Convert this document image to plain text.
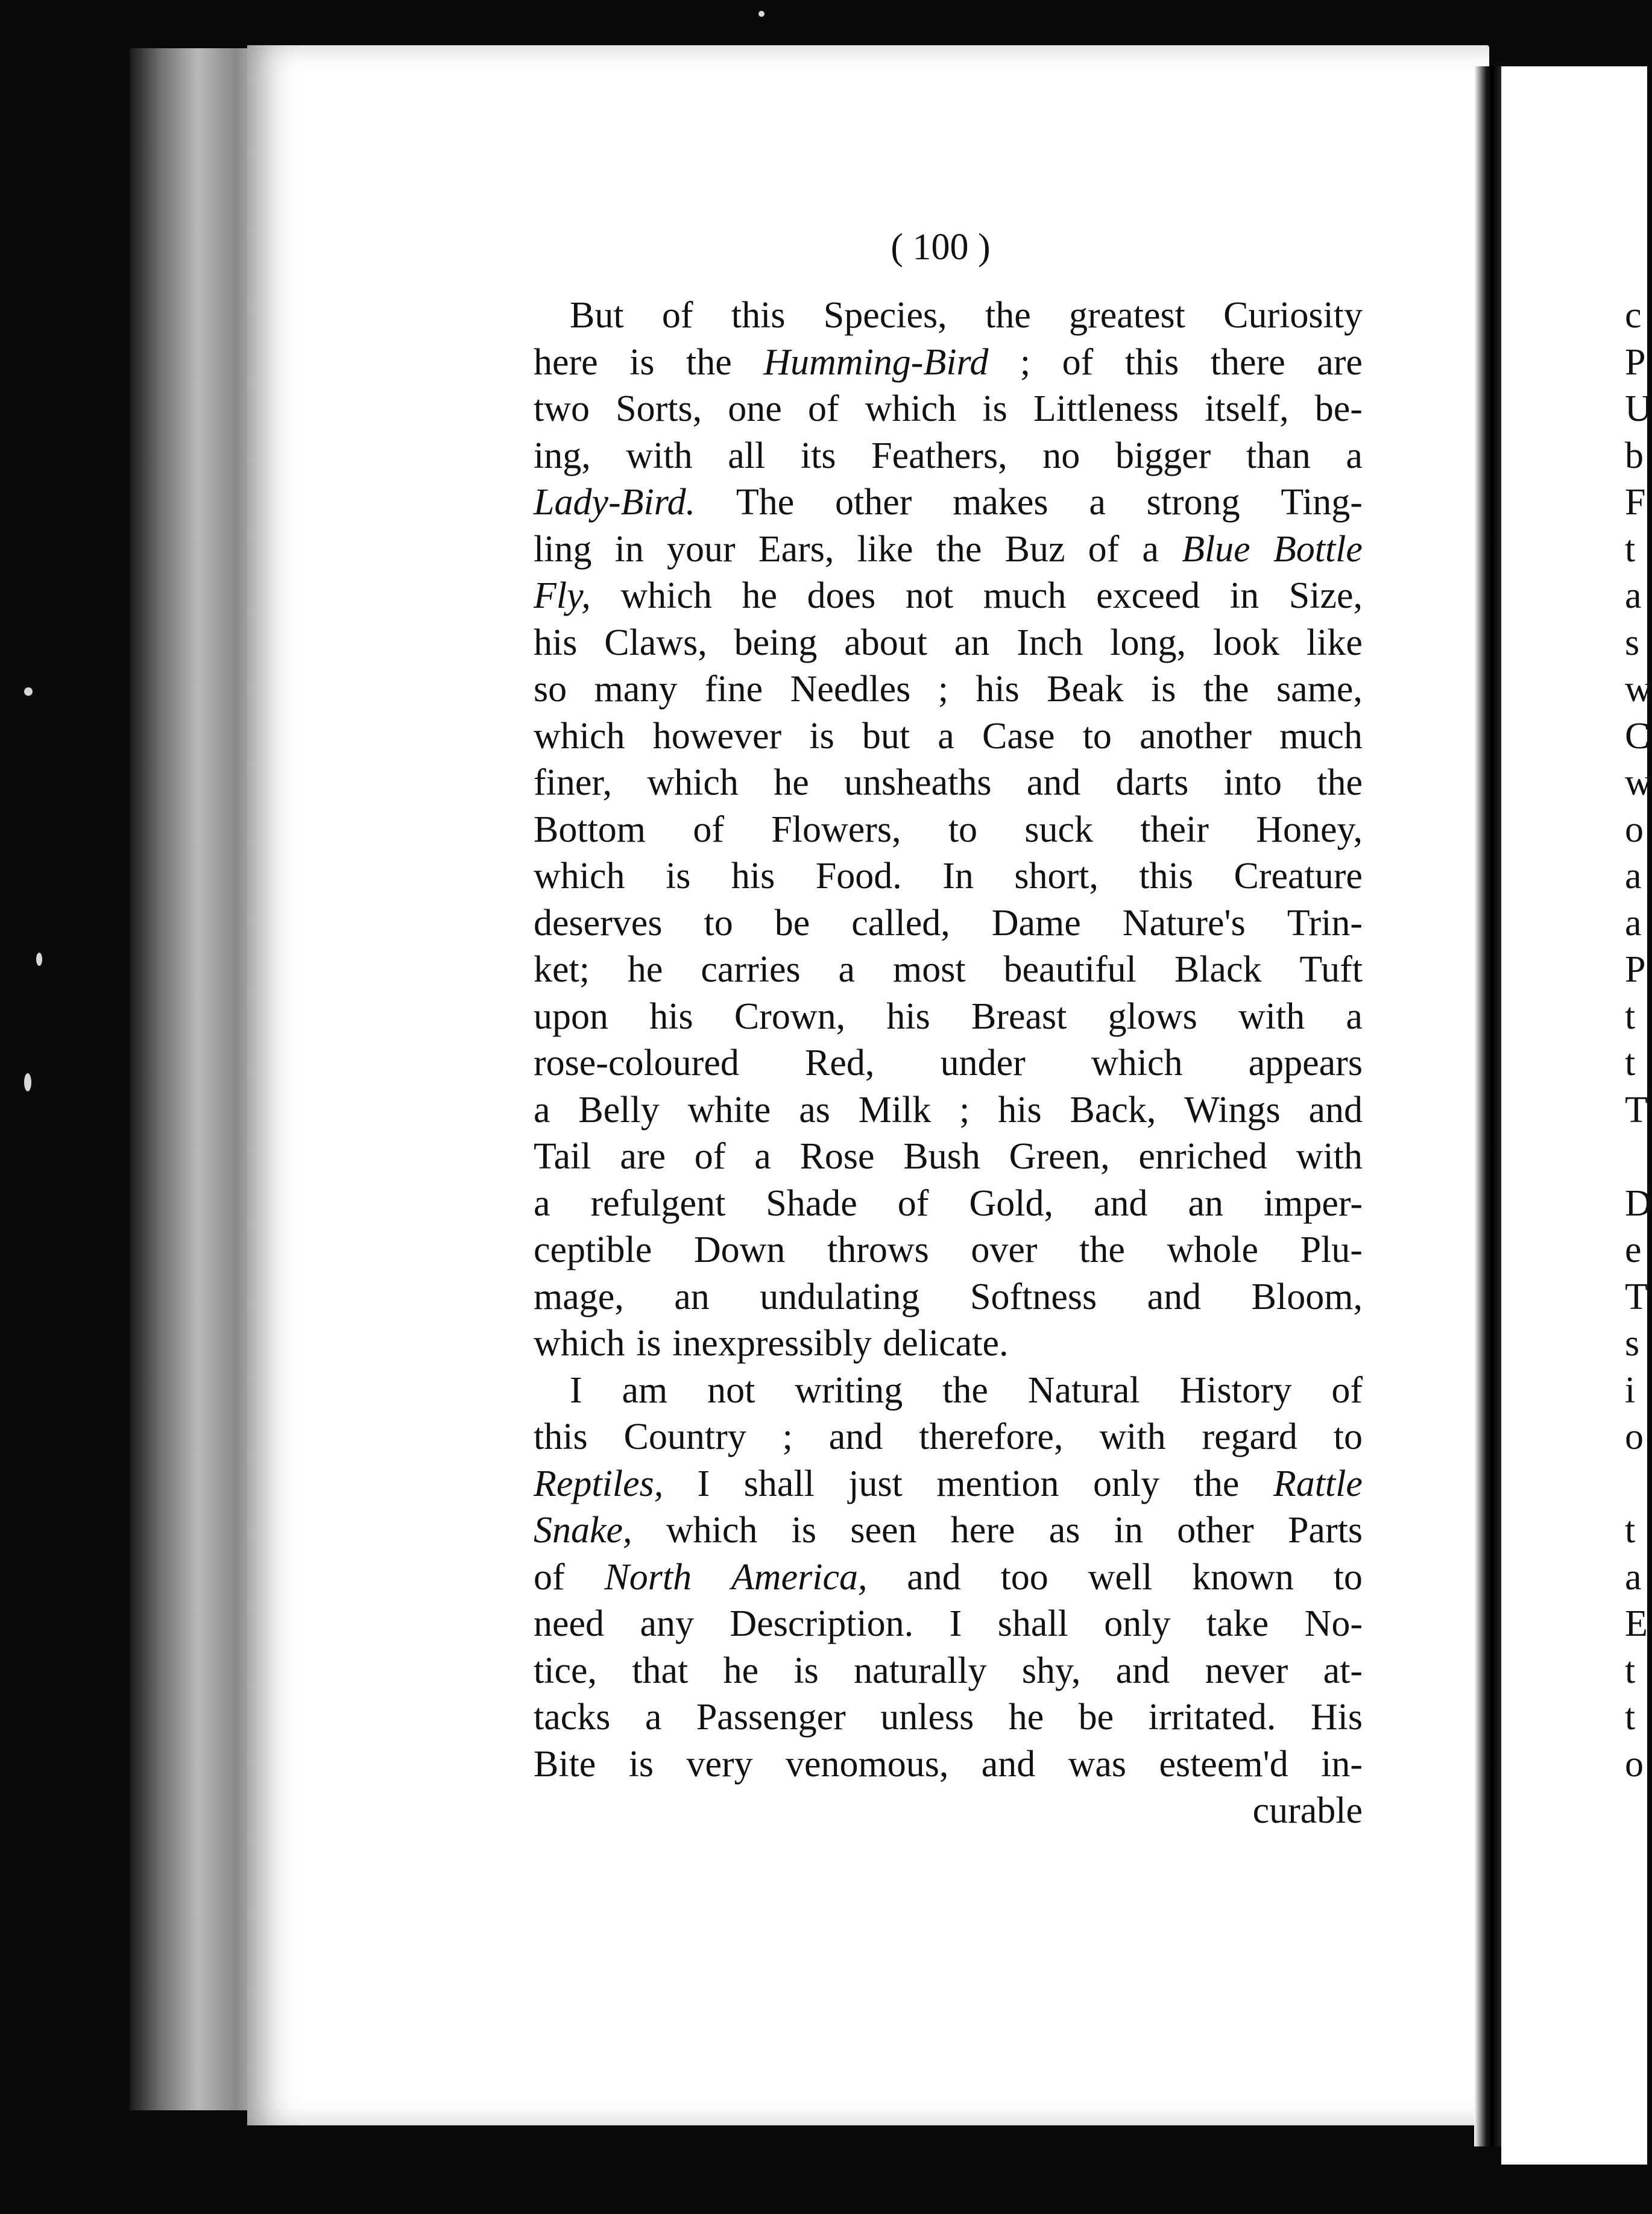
( 100 )
But of this Species, the greatest Curiosity
here is the Humming-Bird ; of this there are
two Sorts, one of which is Littleness itself, be-
ing, with all its Feathers, no bigger than a
Lady-Bird. The other makes a strong Ting-
ling in your Ears, like the Buz of a Blue Bottle
Fly, which he does not much exceed in Size,
his Claws, being about an Inch long, look like
so many fine Needles ; his Beak is the same,
which however is but a Case to another much
finer, which he unsheaths and darts into the
Bottom of Flowers, to suck their Honey,
which is his Food. In short, this Creature
deserves to be called, Dame Nature's Trin-
ket; he carries a most beautiful Black Tuft
upon his Crown, his Breast glows with a
rose-coloured Red, under which appears
a Belly white as Milk ; his Back, Wings and
Tail are of a Rose Bush Green, enriched with
a refulgent Shade of Gold, and an imper-
ceptible Down throws over the whole Plu-
mage, an undulating Softness and Bloom,
which is inexpressibly delicate.
I am not writing the Natural History of
this Country ; and therefore, with regard to
Reptiles, I shall just mention only the Rattle
Snake, which is seen here as in other Parts
of North America, and too well known to
need any Description. I shall only take No-
tice, that he is naturally shy, and never at-
tacks a Passenger unless he be irritated. His
Bite is very venomous, and was esteem'd in-
curable
c
P
U
b
F
t
a
s
w
C
w
o
a
a
P
t
t
T
D
e
T
s
i
o
t
a
E
t
t
o
